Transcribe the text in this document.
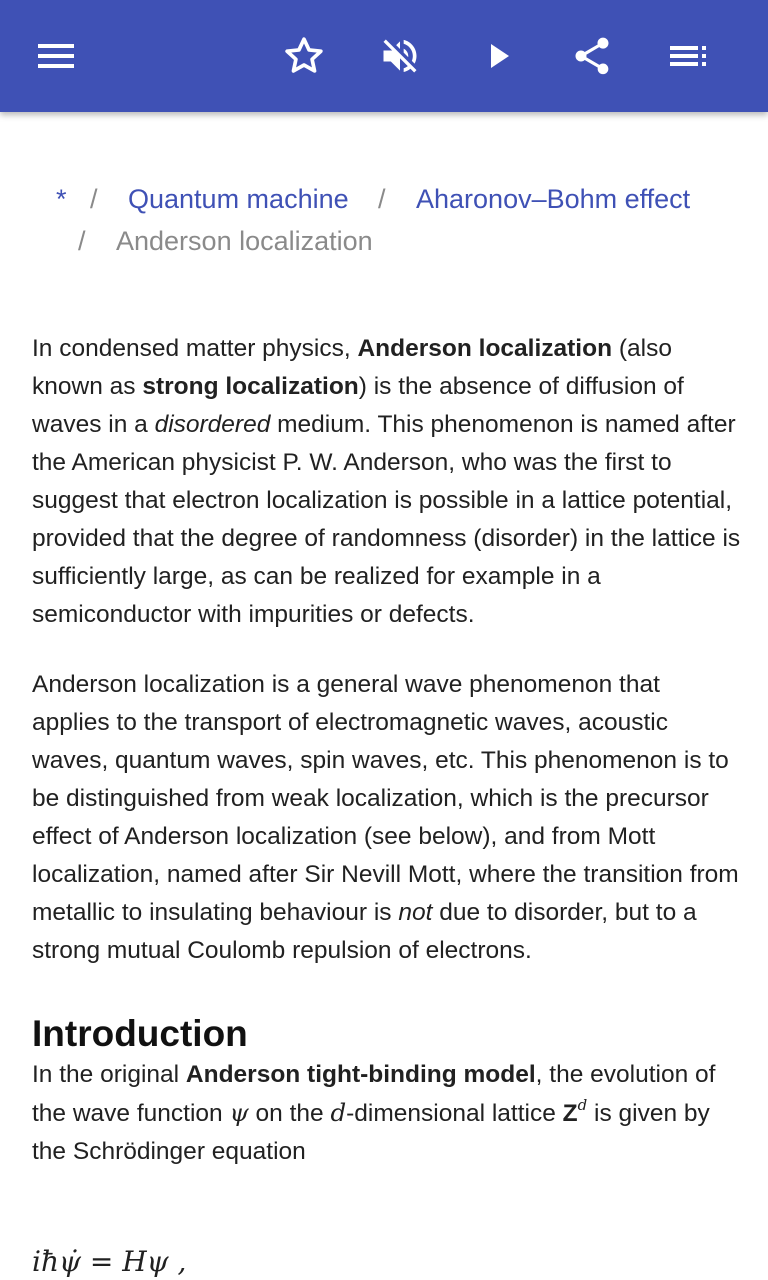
* / Quantum machine / Aharonov–Bohm effect
/ Anderson localization

In condensed matter physics, Anderson localization (also known as strong localization) is the absence of diffusion of waves in a disordered medium. This phenomenon is named after the American physicist P. W. Anderson, who was the first to suggest that electron localization is possible in a lattice potential, provided that the degree of randomness (disorder) in the lattice is sufficiently large, as can be realized for example in a semiconductor with impurities or defects.

Anderson localization is a general wave phenomenon that applies to the transport of electromagnetic waves, acoustic waves, quantum waves, spin waves, etc. This phenomenon is to be distinguished from weak localization, which is the precursor effect of Anderson localization (see below), and from Mott localization, named after Sir Nevill Mott, where the transition from metallic to insulating behaviour is not due to disorder, but to a strong mutual Coulomb repulsion of electrons.

Introduction

In the original Anderson tight-binding model, the evolution of the wave function ψ on the d-dimensional lattice $Z^d$ is given by the Schrödinger equation

iħψ̇ = Hψ ,
